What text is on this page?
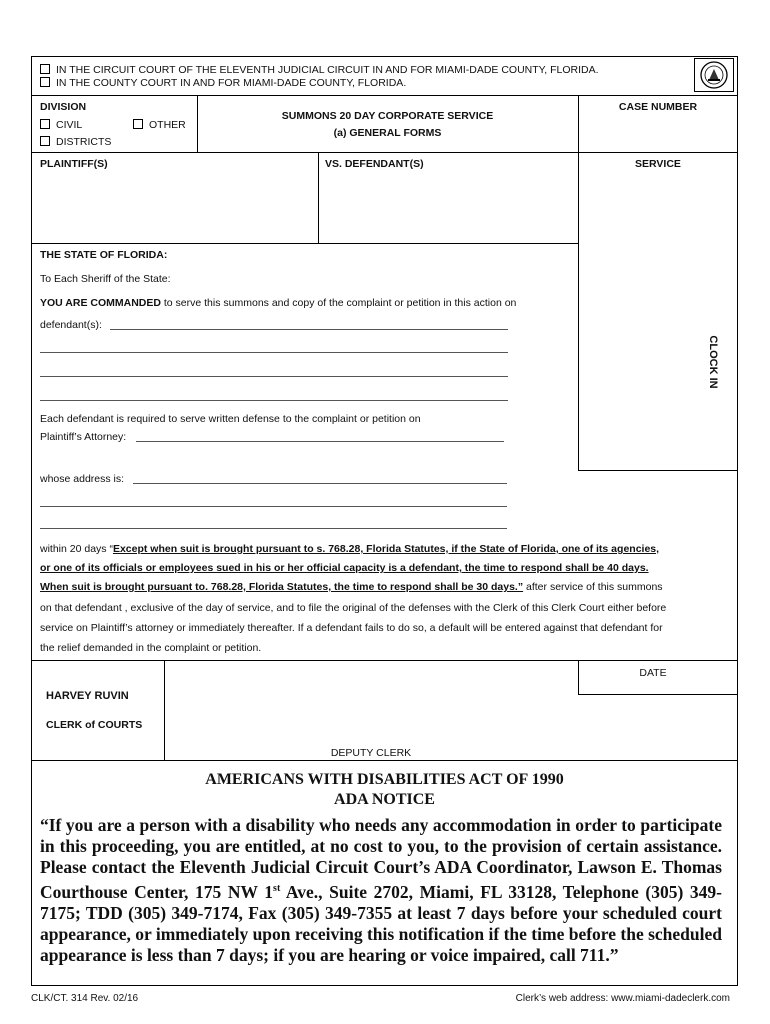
IN THE CIRCUIT COURT OF THE ELEVENTH JUDICIAL CIRCUIT IN AND FOR MIAMI-DADE COUNTY, FLORIDA.
IN THE COUNTY COURT IN AND FOR MIAMI-DADE COUNTY, FLORIDA.
DIVISION
CIVIL	OTHER
DISTRICTS
SUMMONS 20 DAY CORPORATE SERVICE
(a) GENERAL FORMS
CASE NUMBER
PLAINTIFF(S)	VS. DEFENDANT(S)	SERVICE
CLOCK IN
THE STATE OF FLORIDA:
To Each Sheriff of the State:
YOU ARE COMMANDED to serve this summons and copy of the complaint or petition in this action on
defendant(s):
Each defendant is required to serve written defense to the complaint or petition on
Plaintiff’s Attorney:
whose address is:
within 20 days “Except when suit is brought pursuant to s. 768.28, Florida Statutes, if the State of Florida, one of its agencies,
or one of its officials or employees sued in his or her official capacity is a defendant, the time to respond shall be 40 days.
When suit is brought pursuant to. 768.28, Florida Statutes, the time to respond shall be 30 days.” after service of this summons
on that defendant , exclusive of the day of service, and to file the original of the defenses with the Clerk of this Clerk Court either before
service on Plaintiff’s attorney or immediately thereafter. If a defendant fails to do so, a default will be entered against that defendant for
the relief demanded in the complaint or petition.
HARVEY RUVIN
CLERK of COURTS
DATE
DEPUTY CLERK
AMERICANS WITH DISABILITIES ACT OF 1990
ADA NOTICE
“If you are a person with a disability who needs any accommodation in order to participate in this proceeding, you are entitled, at no cost to you, to the provision of certain assistance. Please contact the Eleventh Judicial Circuit Court’s ADA Coordinator, Lawson E. Thomas Courthouse Center, 175 NW 1st Ave., Suite 2702, Miami, FL 33128, Telephone (305) 349-7175; TDD (305) 349-7174, Fax (305) 349-7355 at least 7 days before your scheduled court appearance, or immediately upon receiving this notification if the time before the scheduled appearance is less than 7 days; if you are hearing or voice impaired, call 711.”
CLK/CT. 314 Rev. 02/16	Clerk’s web address: www.miami-dadeclerk.com
